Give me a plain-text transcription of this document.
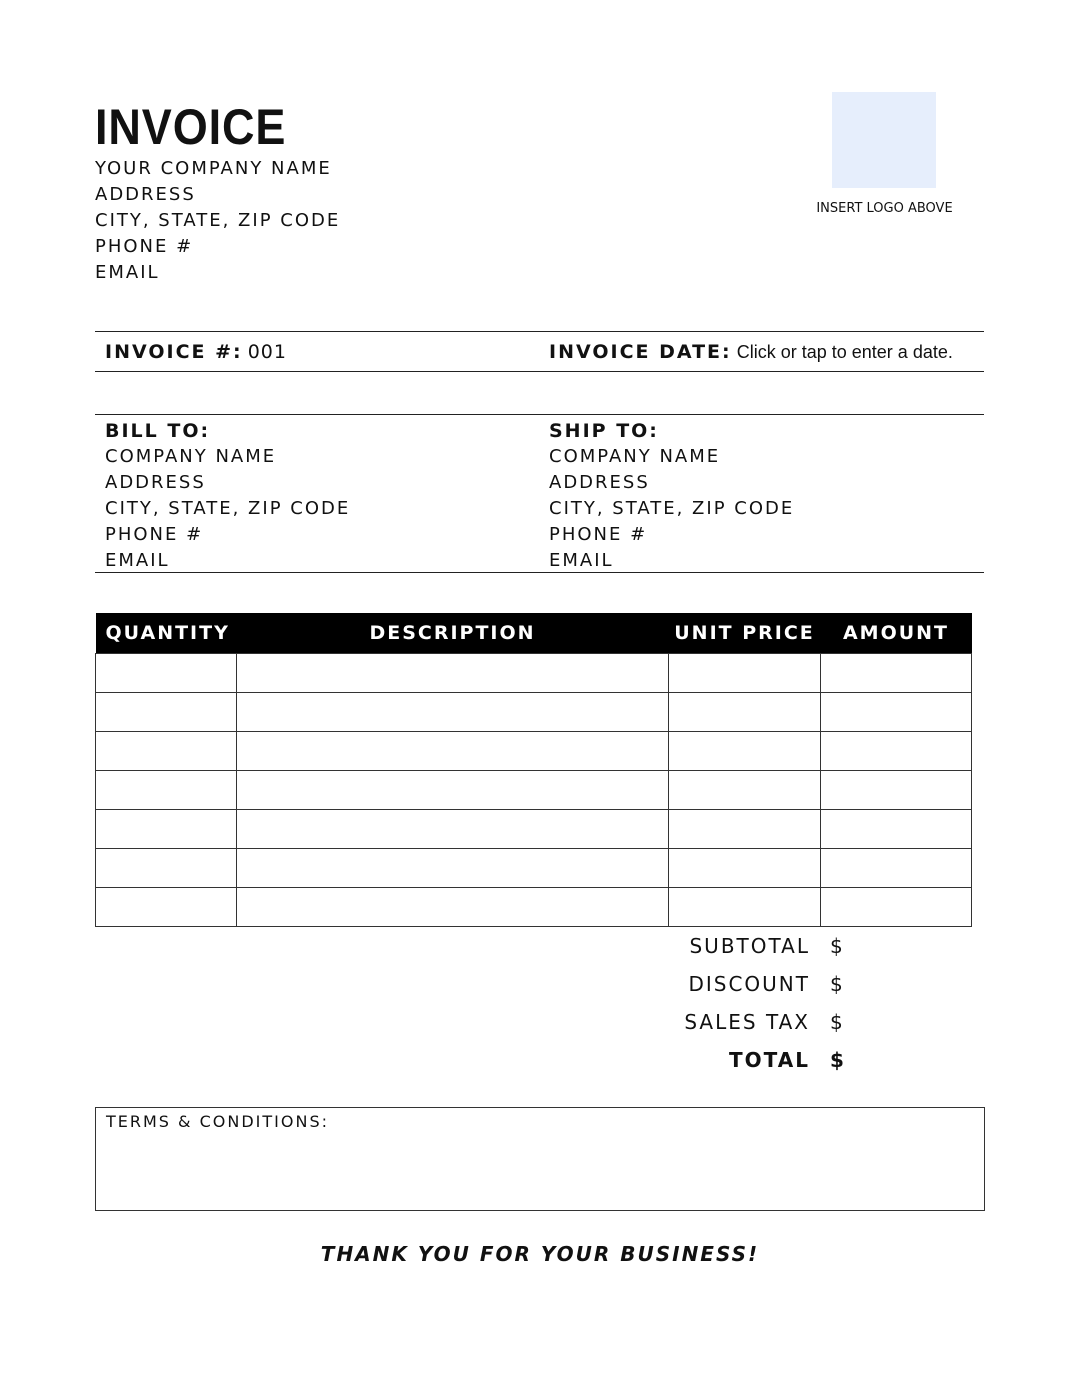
INVOICE
YOUR COMPANY NAME
ADDRESS
CITY, STATE, ZIP CODE
PHONE #
EMAIL
INSERT LOGO ABOVE
INVOICE #: 001	INVOICE DATE: Click or tap to enter a date.
BILL TO:
COMPANY NAME
ADDRESS
CITY, STATE, ZIP CODE
PHONE #
EMAIL
SHIP TO:
COMPANY NAME
ADDRESS
CITY, STATE, ZIP CODE
PHONE #
EMAIL
QUANTITY	DESCRIPTION	UNIT PRICE	AMOUNT

SUBTOTAL $
DISCOUNT $
SALES TAX $
TOTAL $
TERMS & CONDITIONS:
THANK YOU FOR YOUR BUSINESS!
